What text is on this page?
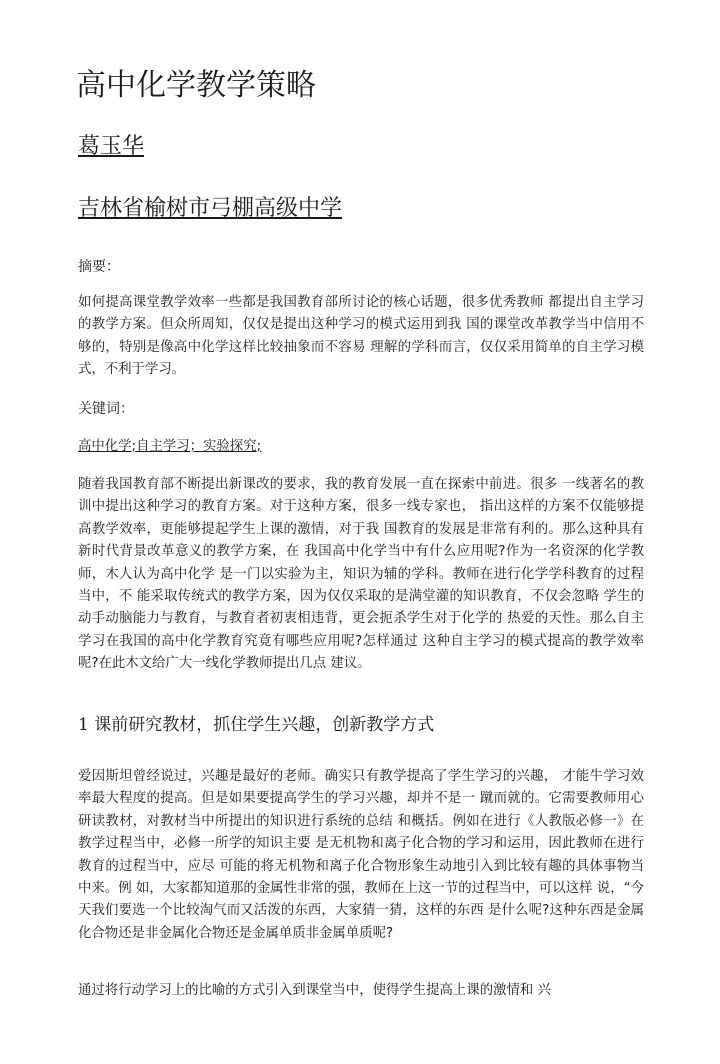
高中化学教学策略
葛玉华
吉林省榆树市弓棚高级中学
摘要：
如何提高课堂教学效率一些都是我国教育部所讨论的核心话题，很多优秀教师 都提出自主学习的教学方案。但众所周知，仅仅是提出这种学习的模式运用到我 国的课堂改革教学当中信用不够的，特别是像高中化学这样比较抽象而不容易 理解的学科而言，仅仅采用简单的自主学习模式，不利于学习。
关键词：
高中化学;自主学习；实验探究;
随着我国教育部不断提出新课改的要求，我的教育发展一直在探索中前进。很多 一线著名的教训中提出这种学习的教育方案。对于这种方案，很多一线专家也， 指出这样的方案不仅能够提高教学效率，更能够提起学生上课的激情，对于我 国教育的发展是非常有利的。那么这种具有新时代背景改革意义的教学方案，在 我国高中化学当中有什么应用呢?作为一名资深的化学教师，木人认为高中化学 是一门以实验为主，知识为辅的学科。教师在进行化学学科教育的过程当中，不 能采取传统式的教学方案，因为仅仅采取的是满堂灌的知识教育，不仅会忽略 学生的动手动脑能力与教育，与教育者初衷相违背，更会扼杀学生对于化学的 热爱的天性。那么自主学习在我国的高中化学教育究竟有哪些应用呢?怎样通过 这种自主学习的模式提高的教学效率呢?在此木文给广大一线化学教师提出几点 建议。
1 课前研究教材，抓住学生兴趣，创新教学方式
爱因斯坦曾经说过，兴趣是最好的老师。确实只有教学提高了学生学习的兴趣， 才能牛学习效率最大程度的提高。但是如果要提高学生的学习兴趣，却并不是一 蹴而就的。它需要教师用心研读教材，对教材当中所提出的知识进行系统的总结 和概括。例如在进行《人教版必修一》在教学过程当中，必修一所学的知识主要 是无机物和离子化合物的学习和运用，因此教师在进行教育的过程当中，应尽 可能的将无机物和离子化合物形象生动地引入到比较有趣的具体事物当中来。例 如，大家都知道那的金属性非常的强，教师在上这一节的过程当中，可以这样 说，“今天我们要选一个比较淘气而又活泼的东西，大家猜一猜，这样的东西 是什么呢?这种东西是金属化合物还是非金属化合物还是金属单质非金属单质呢?
通过将行动学习上的比喻的方式引入到课堂当中，使得学生提高上课的激情和 兴
